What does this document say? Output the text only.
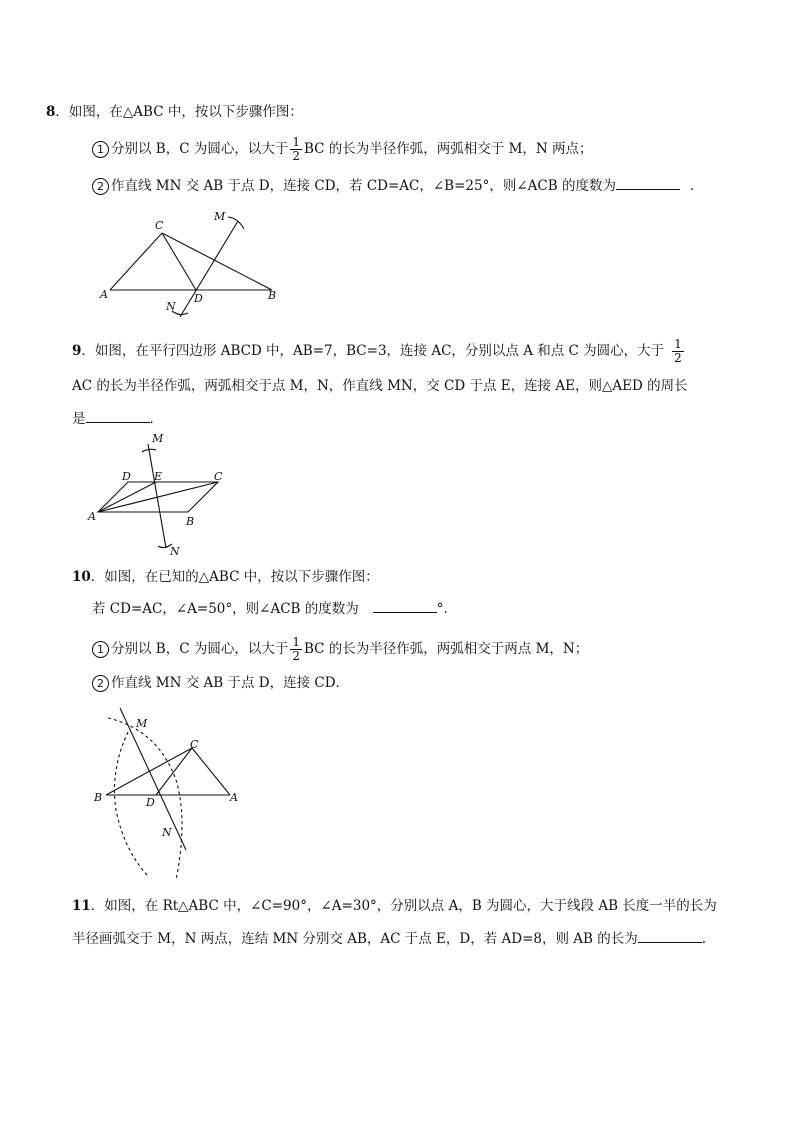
8．如图，在△ABC 中，按以下步骤作图：
1 分别以 B，C 为圆心，以大于 $\frac{1}{2}$ BC 的长为半径作弧，两弧相交于 M，N 两点；
2 作直线 MN 交 AB 于点 D，连接 CD，若 CD=AC，∠B=25°，则∠ACB 的度数为	．
A	B
C
D
M
N
9．如图，在平行四边形 ABCD 中，AB=7，BC=3，连接 AC，分别以点 A 和点 C 为圆心，大于 $\frac{1}{2}$
AC 的长为半径作弧，两弧相交于点 M，N，作直线 MN，交 CD 于点 E，连接 AE，则△AED 的周长
是	．
A	B
C
D E
M
N
10．如图，在已知的△ABC 中，按以下步骤作图：
若 CD=AC，∠A=50°，则∠ACB 的度数为	°．
1 分别以 B，C 为圆心，以大于 $\frac{1}{2}$ BC 的长为半径作弧，两弧相交于两点 M，N；
2 作直线 MN 交 AB 于点 D，连接 CD．
B	A
C
D
M
N
11．如图，在 Rt△ABC 中，∠C=90°，∠A=30°，分别以点 A，B 为圆心，大于线段 AB 长度一半的长为
半径画弧交于 M，N 两点，连结 MN 分别交 AB，AC 于点 E，D，若 AD=8，则 AB 的长为	.
